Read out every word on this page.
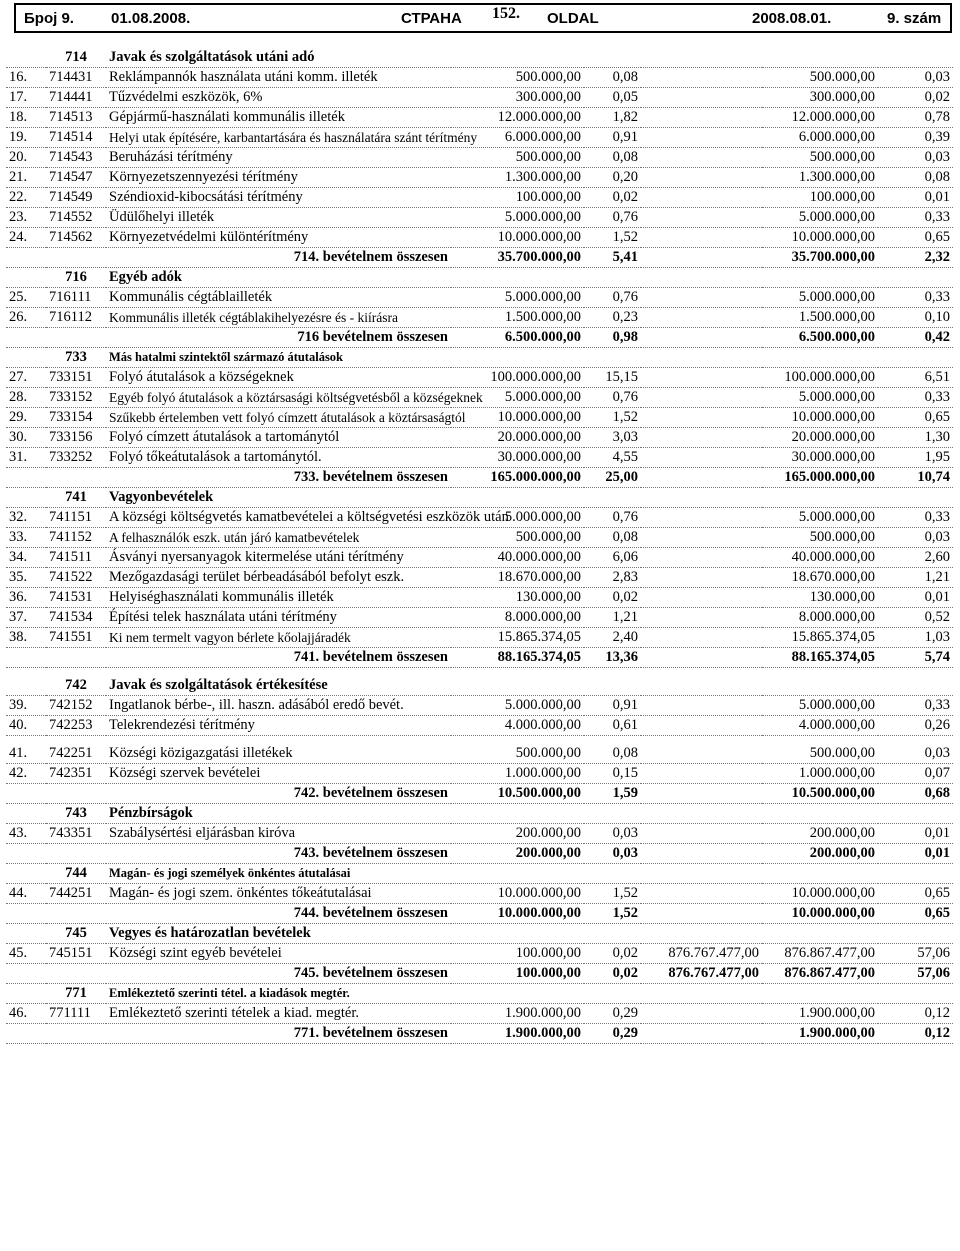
Број 9. 01.08.2008.	СТРАНА 152. OLDAL	2008.08.01.	9. szám
	714	Javak és szolgáltatások utáni adó					
16.	714431	Reklámpannók használata utáni komm. illeték	500.000,00	0,08		500.000,00	0,03
17.	714441	Tűzvédelmi eszközök, 6%	300.000,00	0,05		300.000,00	0,02
18.	714513	Gépjármű-használati kommunális illeték	12.000.000,00	1,82		12.000.000,00	0,78
19.	714514	Helyi utak építésére, karbantartására és használatára szánt térítmény	6.000.000,00	0,91		6.000.000,00	0,39
20.	714543	Beruházási térítmény	500.000,00	0,08		500.000,00	0,03
21.	714547	Környezetszennyezési térítmény	1.300.000,00	0,20		1.300.000,00	0,08
22.	714549	Széndioxid-kibocsátási térítmény	100.000,00	0,02		100.000,00	0,01
23.	714552	Üdülőhelyi illeték	5.000.000,00	0,76		5.000.000,00	0,33
24.	714562	Környezetvédelmi különtérítmény	10.000.000,00	1,52		10.000.000,00	0,65
714. bevételnem összesen			35.700.000,00	5,41		35.700.000,00	2,32
	716	Egyéb adók					
25.	716111	Kommunális cégtáblailleték	5.000.000,00	0,76		5.000.000,00	0,33
26.	716112	Kommunális illeték cégtáblakihelyezésre és - kiírásra	1.500.000,00	0,23		1.500.000,00	0,10
716 bevételnem összesen			6.500.000,00	0,98		6.500.000,00	0,42
	733	Más hatalmi szintektől származó átutalások					
27.	733151	Folyó átutalások a községeknek	100.000.000,00	15,15		100.000.000,00	6,51
28.	733152	Egyéb folyó átutalások a köztársasági költségvetésből a községeknek	5.000.000,00	0,76		5.000.000,00	0,33
29.	733154	Szűkebb értelemben vett folyó címzett átutalások a köztársaságtól	10.000.000,00	1,52		10.000.000,00	0,65
30.	733156	Folyó címzett átutalások a tartománytól	20.000.000,00	3,03		20.000.000,00	1,30
31.	733252	Folyó tőkeátutalások a tartománytól.	30.000.000,00	4,55		30.000.000,00	1,95
733. bevételnem összesen			165.000.000,00	25,00		165.000.000,00	10,74
	741	Vagyonbevételek					
32.	741151	A községi költségvetés kamatbevételei a költségvetési eszközök után	5.000.000,00	0,76		5.000.000,00	0,33
33.	741152	A felhasználók eszk. után járó kamatbevételek	500.000,00	0,08		500.000,00	0,03
34.	741511	Ásványi nyersanyagok kitermelése utáni térítmény	40.000.000,00	6,06		40.000.000,00	2,60
35.	741522	Mezőgazdasági terület bérbeadásából befolyt eszk.	18.670.000,00	2,83		18.670.000,00	1,21
36.	741531	Helyiséghasználati kommunális illeték	130.000,00	0,02		130.000,00	0,01
37.	741534	Építési telek használata utáni térítmény	8.000.000,00	1,21		8.000.000,00	0,52
38.	741551	Ki nem termelt vagyon bérlete kőolajjáradék	15.865.374,05	2,40		15.865.374,05	1,03
741. bevételnem összesen			88.165.374,05	13,36		88.165.374,05	5,74

	742	Javak és szolgáltatások értékesítése					
39.	742152	Ingatlanok bérbe-, ill. haszn. adásából eredő bevét.	5.000.000,00	0,91		5.000.000,00	0,33
40.	742253	Telekrendezési térítmény	4.000.000,00	0,61		4.000.000,00	0,26

41.	742251	Községi közigazgatási illetékek	500.000,00	0,08		500.000,00	0,03
42.	742351	Községi szervek bevételei	1.000.000,00	0,15		1.000.000,00	0,07
742. bevételnem összesen			10.500.000,00	1,59		10.500.000,00	0,68
	743	Pénzbírságok					
43.	743351	Szabálysértési eljárásban kiróva	200.000,00	0,03		200.000,00	0,01
743. bevételnem összesen			200.000,00	0,03		200.000,00	0,01
	744	Magán- és jogi személyek önkéntes átutalásai					
44.	744251	Magán- és jogi szem. önkéntes tőkeátutalásai	10.000.000,00	1,52		10.000.000,00	0,65
744. bevételnem összesen			10.000.000,00	1,52		10.000.000,00	0,65
	745	Vegyes és határozatlan bevételek					
45.	745151	Községi szint egyéb bevételei	100.000,00	0,02	876.767.477,00	876.867.477,00	57,06
745. bevételnem összesen			100.000,00	0,02	876.767.477,00	876.867.477,00	57,06
	771	Emlékeztető szerinti tétel. a kiadások megtér.					
46.	771111	Emlékeztető szerinti tételek a kiad. megtér.	1.900.000,00	0,29		1.900.000,00	0,12
771. bevételnem összesen			1.900.000,00	0,29		1.900.000,00	0,12
